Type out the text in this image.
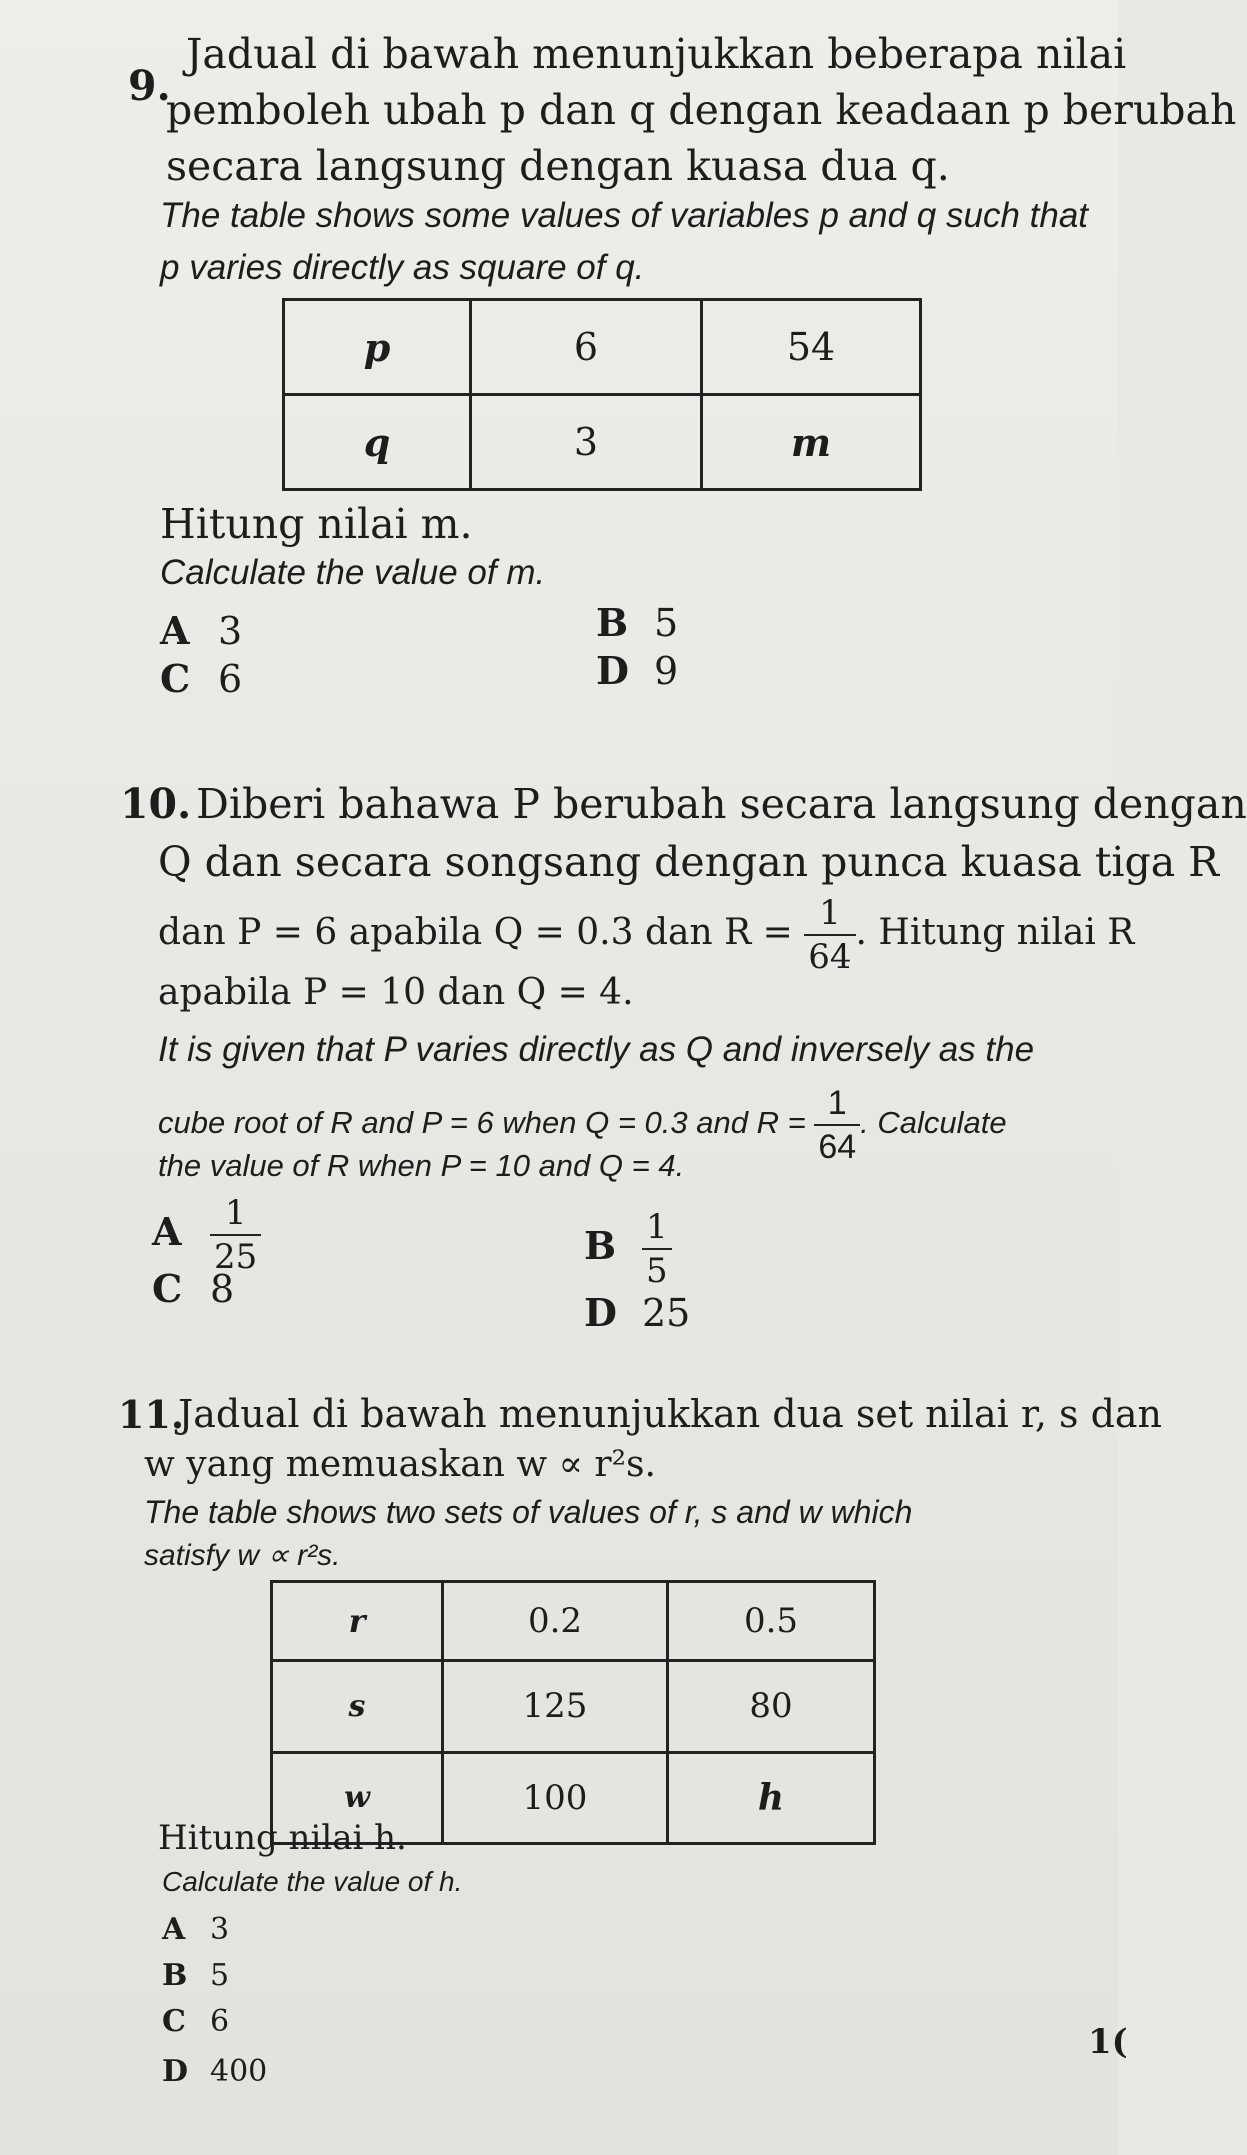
9.
Jadual di bawah menunjukkan beberapa nilai
pemboleh ubah p dan q dengan keadaan p berubah
secara langsung dengan kuasa dua q.
The table shows some values of variables p and q such that
p varies directly as square of q.
p	6	54
q	3	m
Hitung nilai m.
Calculate the value of m.
A 3	B 5
C 6	D 9
10. Diberi bahawa P berubah secara langsung dengan
Q dan secara songsang dengan punca kuasa tiga R
dan P = 6 apabila Q = 0.3 dan $R = \frac{1}{64}$ . Hitung nilai R
apabila P = 10 dan Q = 4.
It is given that P varies directly as Q and inversely as the
cube root of R and P = 6 when Q = 0.3 and $R = \frac{1}{64}$ . Calculate
the value of R when P = 10 and Q = 4.
A $\frac{1}{25}$	B $\frac{1}{5}$
C 8
D 25
11.
Jadual di bawah menunjukkan dua set nilai r, s dan
w yang memuaskan w ∝ r²s.
The table shows two sets of values of r, s and w which
satisfy w ∝ r²s.
r	0.2	0.5
s	125	80
w	100	h
Hitung nilai h.
Calculate the value of h.
A 3
B 5
C 6
D 400
1(
